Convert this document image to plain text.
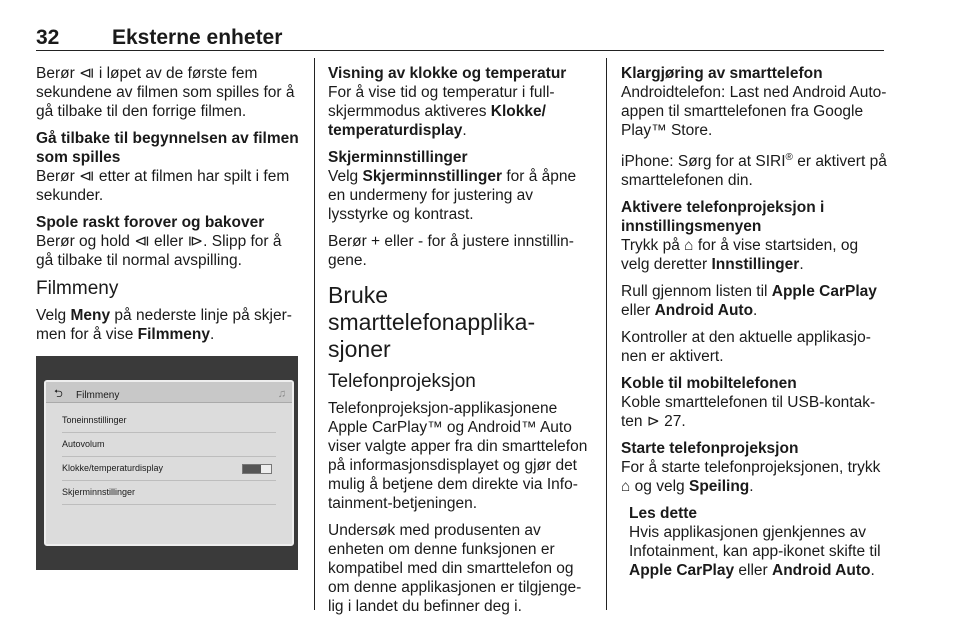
32	Eksterne enheter

Berør ⧏ i løpet av de første fem sekundene av filmen som spilles for å gå tilbake til den forrige filmen.

Gå tilbake til begynnelsen av filmen som spilles

Berør ⧏ etter at filmen har spilt i fem sekunder.

Spole raskt forover og bakover

Berør og hold ⧏ eller ⧐. Slipp for å gå tilbake til normal avspilling.

Filmmeny

Velg Meny på nederste linje på skjer-men for å vise Filmmeny.

⮌ Filmmeny	♫
Toneinnstillinger
Autovolum
Klokke/temperaturdisplay
Skjerminnstillinger

Visning av klokke og temperatur

For å vise tid og temperatur i full-skjermmodus aktiveres Klokke/ temperaturdisplay.

Skjerminnstillinger

Velg Skjerminnstillinger for å åpne en undermeny for justering av lysstyrke og kontrast.

Berør + eller - for å justere innstillin-gene.

Bruke smarttelefonapplika-sjoner
Telefonprojeksjon

Telefonprojeksjon-applikasjonene Apple CarPlay™ og Android™ Auto viser valgte apper fra din smarttelefon på informasjonsdisplayet og gjør det mulig å betjene dem direkte via Info-tainment-betjeningen.

Undersøk med produsenten av enheten om denne funksjonen er kompatibel med din smarttelefon og om denne applikasjonen er tilgjenge-lig i landet du befinner deg i.

Klargjøring av smarttelefon

Androidtelefon: Last ned Android Auto-appen til smarttelefonen fra Google Play™ Store.

iPhone: Sørg for at SIRI® er aktivert på smarttelefonen din.

Aktivere telefonprojeksjon i innstillingsmenyen

Trykk på ⌂ for å vise startsiden, og velg deretter Innstillinger.

Rull gjennom listen til Apple CarPlay eller Android Auto.

Kontroller at den aktuelle applikasjo-nen er aktivert.

Koble til mobiltelefonen

Koble smarttelefonen til USB-kontak-ten ⊳ 27.

Starte telefonprojeksjon

For å starte telefonprojeksjonen, trykk ⌂ og velg Speiling.

Les dette

Hvis applikasjonen gjenkjennes av Infotainment, kan app-ikonet skifte til Apple CarPlay eller Android Auto.
